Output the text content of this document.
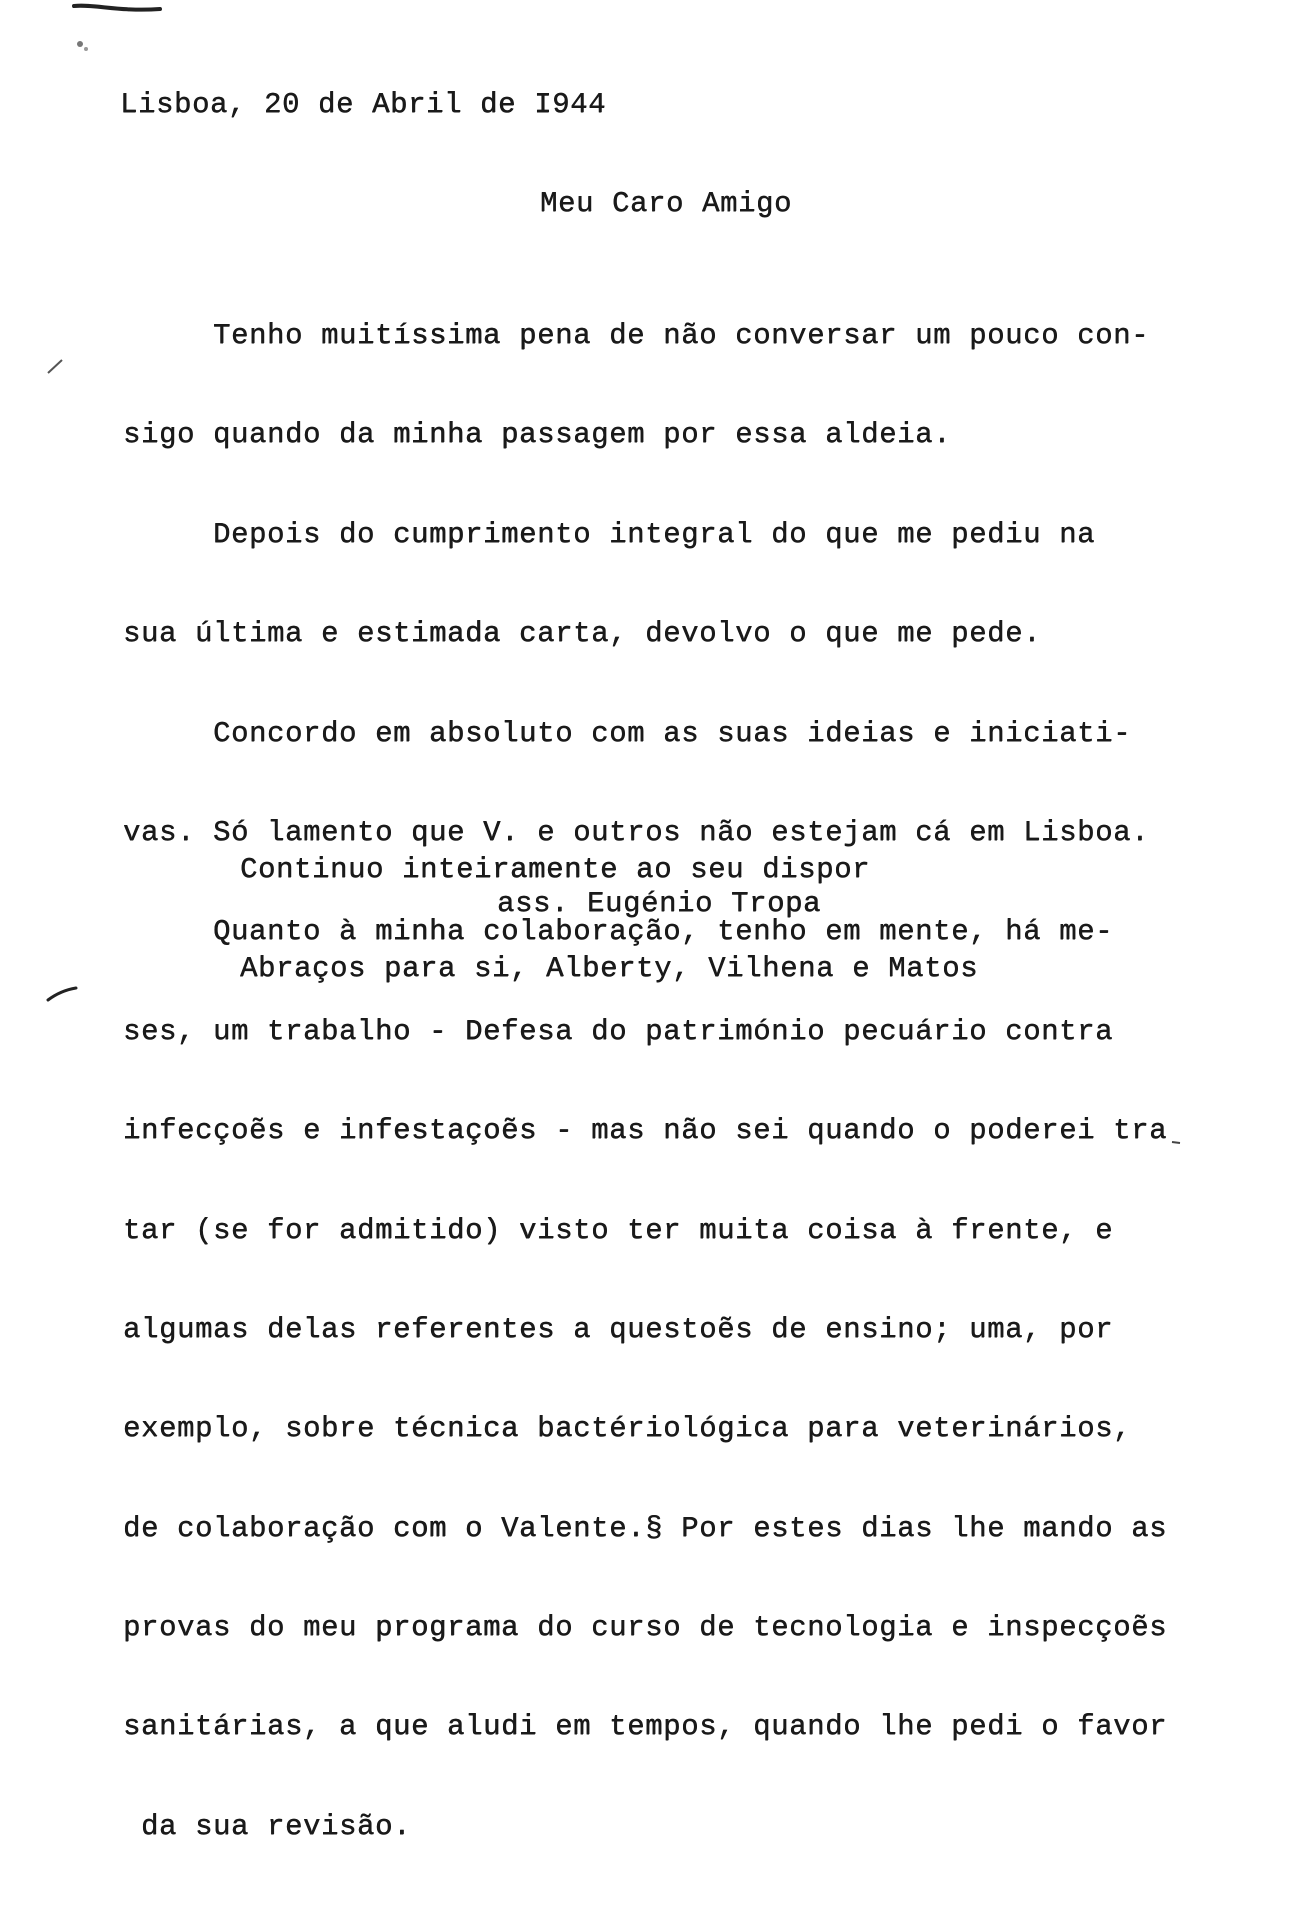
Lisboa, 20 de Abril de I944
Meu Caro Amigo

Tenho muitíssima pena de não conversar um pouco con-

sigo quando da minha passagem por essa aldeia.

Depois do cumprimento integral do que me pediu na

sua última e estimada carta, devolvo o que me pede.

Concordo em absoluto com as suas ideias e iniciati-

vas. Só lamento que V. e outros não estejam cá em Lisboa.

Quanto à minha colaboração, tenho em mente, há me-

ses, um trabalho - Defesa do património pecuário contra

infecçoẽs e infestaçoẽs - mas não sei quando o poderei tra

tar (se for admitido) visto ter muita coisa à frente, e

algumas delas referentes a questoẽs de ensino; uma, por

exemplo, sobre técnica bactériológica para veterinários,

de colaboração com o Valente.§ Por estes dias lhe mando as

provas do meu programa do curso de tecnologia e inspecçoẽs

sanitárias, a que aludi em tempos, quando lhe pedi o favor

da sua revisão.

Continuo inteiramente ao seu dispor

Abraços para si, Alberty, Vilhena e Matos

ass. Eugénio Tropa
